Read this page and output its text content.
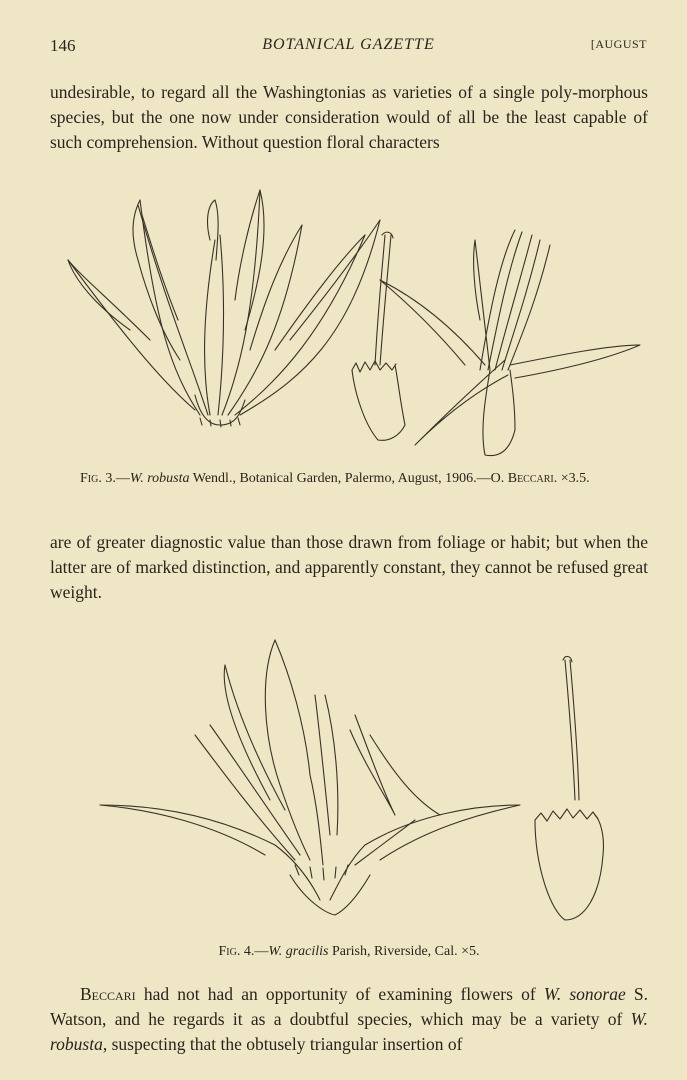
146	BOTANICAL GAZETTE	[AUGUST

undesirable, to regard all the Washingtonias as varieties of a single poly-morphous species, but the one now under consideration would of all be the least capable of such comprehension. Without question floral characters

Fig. 3.—W. robusta Wendl., Botanical Garden, Palermo, August, 1906.—O. Beccari. ×3.5.

are of greater diagnostic value than those drawn from foliage or habit; but when the latter are of marked distinction, and apparently constant, they cannot be refused great weight.

Fig. 4.—W. gracilis Parish, Riverside, Cal. ×5.

Beccari had not had an opportunity of examining flowers of W. sonorae S. Watson, and he regards it as a doubtful species, which may be a variety of W. robusta, suspecting that the obtusely triangular insertion of
